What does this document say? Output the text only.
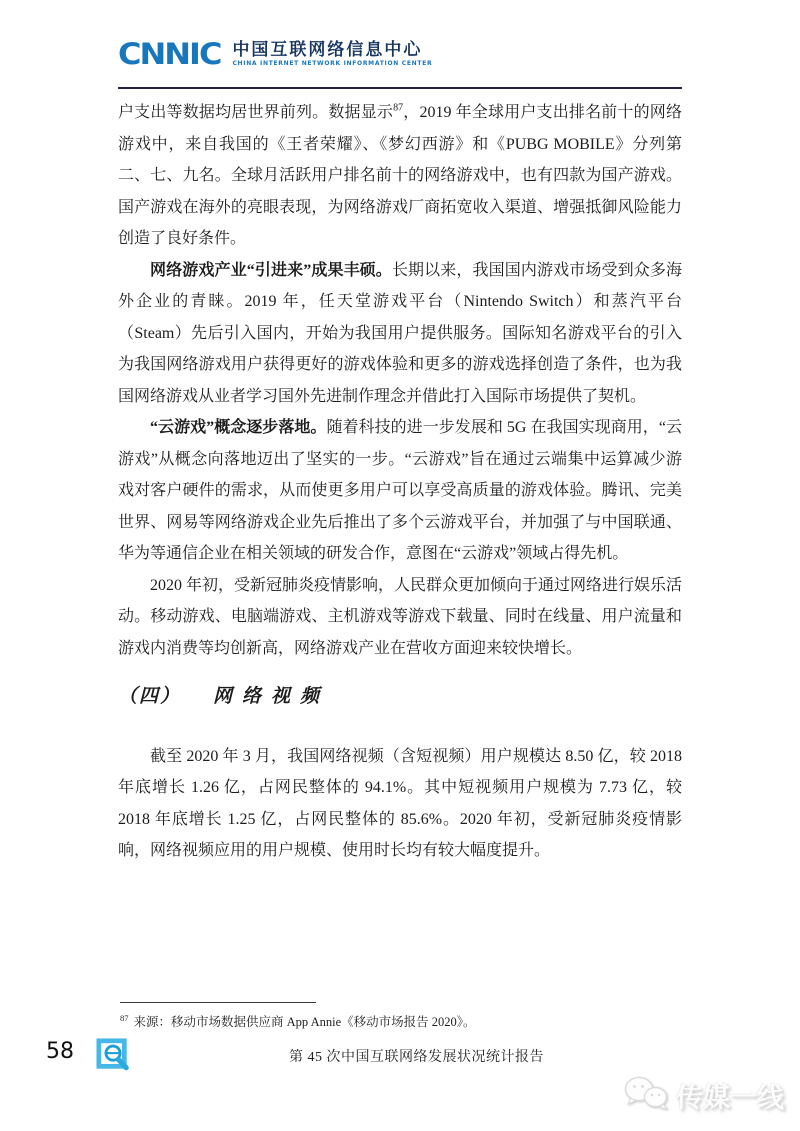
CNNIC 中国互联网络信息中心
CHINA INTERNET NETWORK INFORMATION CENTER

户支出等数据均居世界前列。数据显示$^{87}$，2019 年全球用户支出排名前十的网络游戏中，来自我国的《王者荣耀》、《梦幻西游》和《PUBG MOBILE》分列第二、七、九名。全球月活跃用户排名前十的网络游戏中，也有四款为国产游戏。国产游戏在海外的亮眼表现，为网络游戏厂商拓宽收入渠道、增强抵御风险能力创造了良好条件。

网络游戏产业“引进来”成果丰硕。长期以来，我国国内游戏市场受到众多海外企业的青睐。2019 年，任天堂游戏平台（Nintendo Switch）和蒸汽平台（Steam）先后引入国内，开始为我国用户提供服务。国际知名游戏平台的引入为我国网络游戏用户获得更好的游戏体验和更多的游戏选择创造了条件，也为我国网络游戏从业者学习国外先进制作理念并借此打入国际市场提供了契机。

“云游戏”概念逐步落地。随着科技的进一步发展和 5G 在我国实现商用，“云游戏”从概念向落地迈出了坚实的一步。“云游戏”旨在通过云端集中运算减少游戏对客户硬件的需求，从而使更多用户可以享受高质量的游戏体验。腾讯、完美世界、网易等网络游戏企业先后推出了多个云游戏平台，并加强了与中国联通、华为等通信企业在相关领域的研发合作，意图在“云游戏”领域占得先机。

2020 年初，受新冠肺炎疫情影响，人民群众更加倾向于通过网络进行娱乐活动。移动游戏、电脑端游戏、主机游戏等游戏下载量、同时在线量、用户流量和游戏内消费等均创新高，网络游戏产业在营收方面迎来较快增长。

（四） 网络视频

截至 2020 年 3 月，我国网络视频（含短视频）用户规模达 8.50 亿，较 2018 年底增长 1.26 亿，占网民整体的 94.1%。其中短视频用户规模为 7.73 亿，较 2018 年底增长 1.25 亿，占网民整体的 85.6%。2020 年初，受新冠肺炎疫情影响，网络视频应用的用户规模、使用时长均有较大幅度提升。

$^{87}$ 来源：移动市场数据供应商 App Annie《移动市场报告 2020》。
58	第 45 次中国互联网络发展状况统计报告
传媒一线
